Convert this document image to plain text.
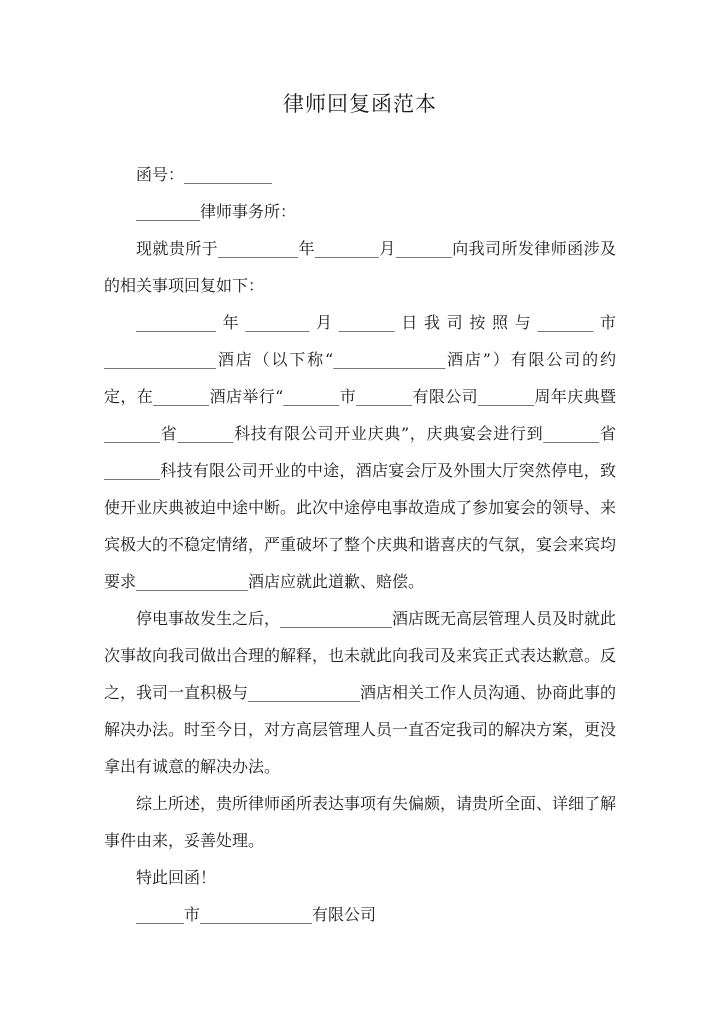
律师回复函范本

函号：___________

________律师事务所：

现就贵所于__________年________月_______向我司所发律师函涉及的相关事项回复如下：

__________年________月_______日我司按照与_______市______________酒店（以下称“______________酒店”）有限公司的约定，在_______酒店举行“_______市_______有限公司_______周年庆典暨_______省_______科技有限公司开业庆典”，庆典宴会进行到_______省_______科技有限公司开业的中途，酒店宴会厅及外围大厅突然停电，致使开业庆典被迫中途中断。此次中途停电事故造成了参加宴会的领导、来宾极大的不稳定情绪，严重破坏了整个庆典和谐喜庆的气氛，宴会来宾均要求______________酒店应就此道歉、赔偿。

停电事故发生之后，______________酒店既无高层管理人员及时就此次事故向我司做出合理的解释，也未就此向我司及来宾正式表达歉意。反之，我司一直积极与______________酒店相关工作人员沟通、协商此事的解决办法。时至今日，对方高层管理人员一直否定我司的解决方案，更没拿出有诚意的解决办法。

综上所述，贵所律师函所表达事项有失偏颇，请贵所全面、详细了解事件由来，妥善处理。

特此回函！

______市______________有限公司
